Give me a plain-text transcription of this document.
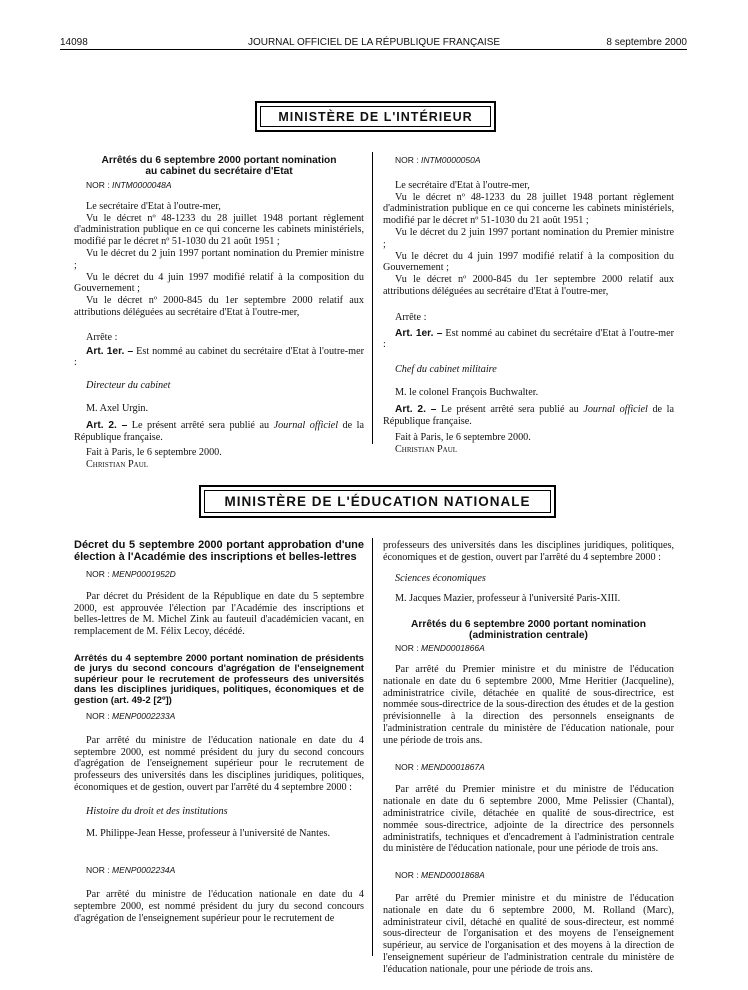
14098	JOURNAL OFFICIEL DE LA RÉPUBLIQUE FRANÇAISE	8 septembre 2000
MINISTÈRE DE L'INTÉRIEUR

Arrêtés du 6 septembre 2000 portant nomination

au cabinet du secrétaire d'Etat

NOR : INTM0000048A

Le secrétaire d'Etat à l'outre-mer,

Vu le décret nº 48-1233 du 28 juillet 1948 portant règlement d'administration publique en ce qui concerne les cabinets ministériels, modifié par le décret nº 51-1030 du 21 août 1951 ;

Vu le décret du 2 juin 1997 portant nomination du Premier ministre ;

Vu le décret du 4 juin 1997 modifié relatif à la composition du Gouvernement ;

Vu le décret nº 2000-845 du 1er septembre 2000 relatif aux attributions déléguées au secrétaire d'Etat à l'outre-mer,

Arrête :

Art. 1er. – Est nommé au cabinet du secrétaire d'Etat à l'outre-mer :

Directeur du cabinet

M. Axel Urgin.

Art. 2. – Le présent arrêté sera publié au Journal officiel de la République française.

Fait à Paris, le 6 septembre 2000.

Christian Paul

NOR : INTM0000050A

Le secrétaire d'Etat à l'outre-mer,

Vu le décret nº 48-1233 du 28 juillet 1948 portant règlement d'administration publique en ce qui concerne les cabinets ministériels, modifié par le décret nº 51-1030 du 21 août 1951 ;

Vu le décret du 2 juin 1997 portant nomination du Premier ministre ;

Vu le décret du 4 juin 1997 modifié relatif à la composition du Gouvernement ;

Vu le décret nº 2000-845 du 1er septembre 2000 relatif aux attributions déléguées au secrétaire d'Etat à l'outre-mer,

Arrête :

Art. 1er. – Est nommé au cabinet du secrétaire d'Etat à l'outre-mer :

Chef du cabinet militaire

M. le colonel François Buchwalter.

Art. 2. – Le présent arrêté sera publié au Journal officiel de la République française.

Fait à Paris, le 6 septembre 2000.

Christian Paul

MINISTÈRE DE L'ÉDUCATION NATIONALE

Décret du 5 septembre 2000 portant approbation d'une élection à l'Académie des inscriptions et belles-lettres

NOR : MENP0001952D

Par décret du Président de la République en date du 5 septembre 2000, est approuvée l'élection par l'Académie des inscriptions et belles-lettres de M. Michel Zink au fauteuil d'académicien vacant, en remplacement de M. Félix Lecoy, décédé.

Arrêtés du 4 septembre 2000 portant nomination de présidents de jurys du second concours d'agrégation de l'enseignement supérieur pour le recrutement de professeurs des universités dans les disciplines juridiques, politiques, économiques et de gestion (art. 49-2 [2º])

NOR : MENP0002233A

Par arrêté du ministre de l'éducation nationale en date du 4 septembre 2000, est nommé président du jury du second concours d'agrégation de l'enseignement supérieur pour le recrutement de professeurs des universités dans les disciplines juridiques, politiques, économiques et de gestion, ouvert par l'arrêté du 4 septembre 2000 :

Histoire du droit et des institutions

M. Philippe-Jean Hesse, professeur à l'université de Nantes.

NOR : MENP0002234A

Par arrêté du ministre de l'éducation nationale en date du 4 septembre 2000, est nommé président du jury du second concours d'agrégation de l'enseignement supérieur pour le recrutement de

professeurs des universités dans les disciplines juridiques, politiques, économiques et de gestion, ouvert par l'arrêté du 4 septembre 2000 :

Sciences économiques

M. Jacques Mazier, professeur à l'université Paris-XIII.

Arrêtés du 6 septembre 2000 portant nomination

(administration centrale)

NOR : MEND0001866A

Par arrêté du Premier ministre et du ministre de l'éducation nationale en date du 6 septembre 2000, Mme Heritier (Jacqueline), administratrice civile, détachée en qualité de sous-directrice, est nommée sous-directrice de la sous-direction des études et de la gestion prévisionnelle à la direction des personnels enseignants de l'administration centrale du ministère de l'éducation nationale, pour une période de trois ans.

NOR : MEND0001867A

Par arrêté du Premier ministre et du ministre de l'éducation nationale en date du 6 septembre 2000, Mme Pelissier (Chantal), administratrice civile, détachée en qualité de sous-directrice, est nommée sous-directrice, adjointe de la directrice des personnels administratifs, techniques et d'encadrement à l'administration centrale du ministère de l'éducation nationale, pour une période de trois ans.

NOR : MEND0001868A

Par arrêté du Premier ministre et du ministre de l'éducation nationale en date du 6 septembre 2000, M. Rolland (Marc), administrateur civil, détaché en qualité de sous-directeur, est nommé sous-directeur de l'organisation et des moyens de l'enseignement supérieur, au service de l'organisation et des moyens à la direction de l'enseignement supérieur de l'administration centrale du ministère de l'éducation nationale, pour une période de trois ans.
